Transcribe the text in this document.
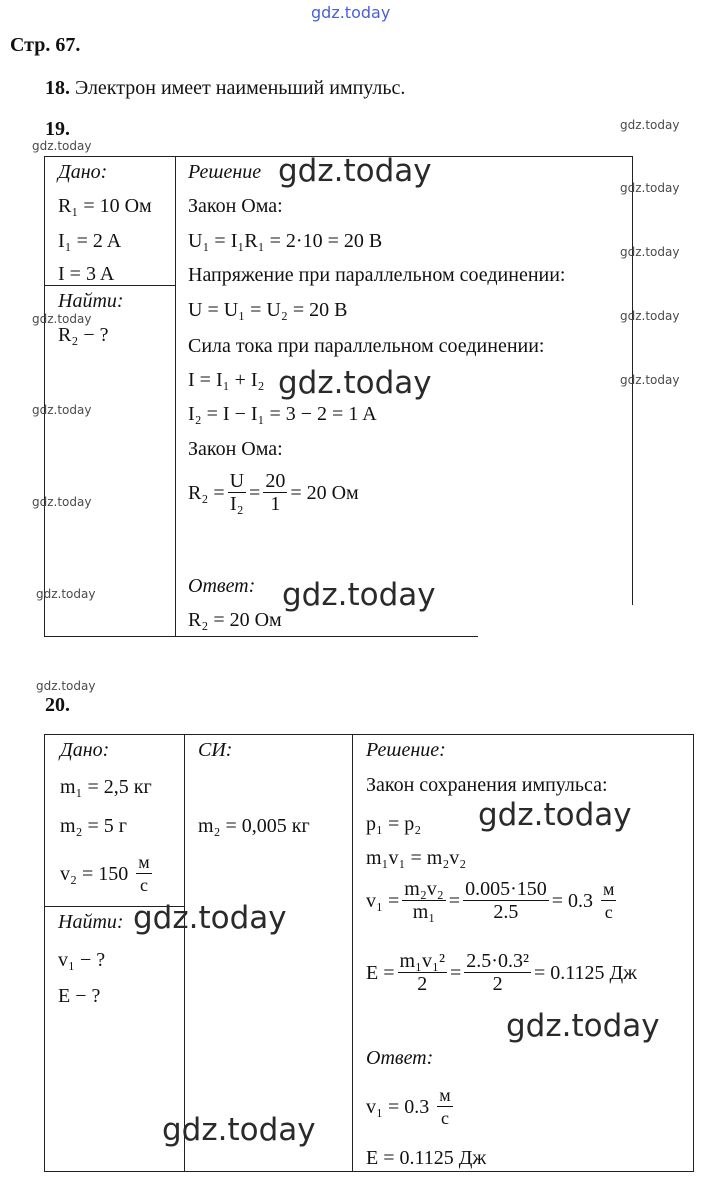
gdz.today
Стр. 67.
18. Электрон имеет наименьший импульс.
19.
Дано:
R₁ = 10 Ом
I₁ = 2 A
I = 3 A
Найти:
R₂ − ?
Решение
Закон Ома:
U₁ = I₁R₁ = 2·10 = 20 B
Напряжение при параллельном соединении:
U = U₁ = U₂ = 20 B
Сила тока при параллельном соединении:
I = I₁ + I₂
I₂ = I − I₁ = 3 − 2 = 1 A
Закон Ома:
$R_2 = \frac{U}{\text{I₂}} = \frac{20}{1} = 20$ Ом
Ответ:
R₂ = 20 Ом
20.
Дано:
m₁ = 2,5 кг
m₂ = 5 г
$v_2 = 150 \frac{м}{с}$
Найти:
v₁ − ?
E − ?
СИ:
m₂ = 0,005 кг
Решение:
Закон сохранения импульса:
p₁ = p₂
m₁v₁ = m₂v₂
$v_1 = \frac{\text{m₂v₂}}{\text{m₁}} = \frac{0.005\cdot 150}{2.5} = 0.3 \frac{м}{с}$
$E = \frac{\text{m₁v₁²}}{2} = \frac{\text{2.5·0.3²}}{2} = 0.1125$ Дж
Ответ:
$v_1 = 0.3 \frac{м}{с}$
E = 0.1125 Дж
gdz.today
gdz.today
gdz.today
gdz.today
gdz.today
gdz.today
gdz.today
gdz.today
gdz.today
gdz.today
gdz.today
gdz.today
gdz.today
gdz.today
gdz.today
gdz.today
gdz.today
gdz.today
